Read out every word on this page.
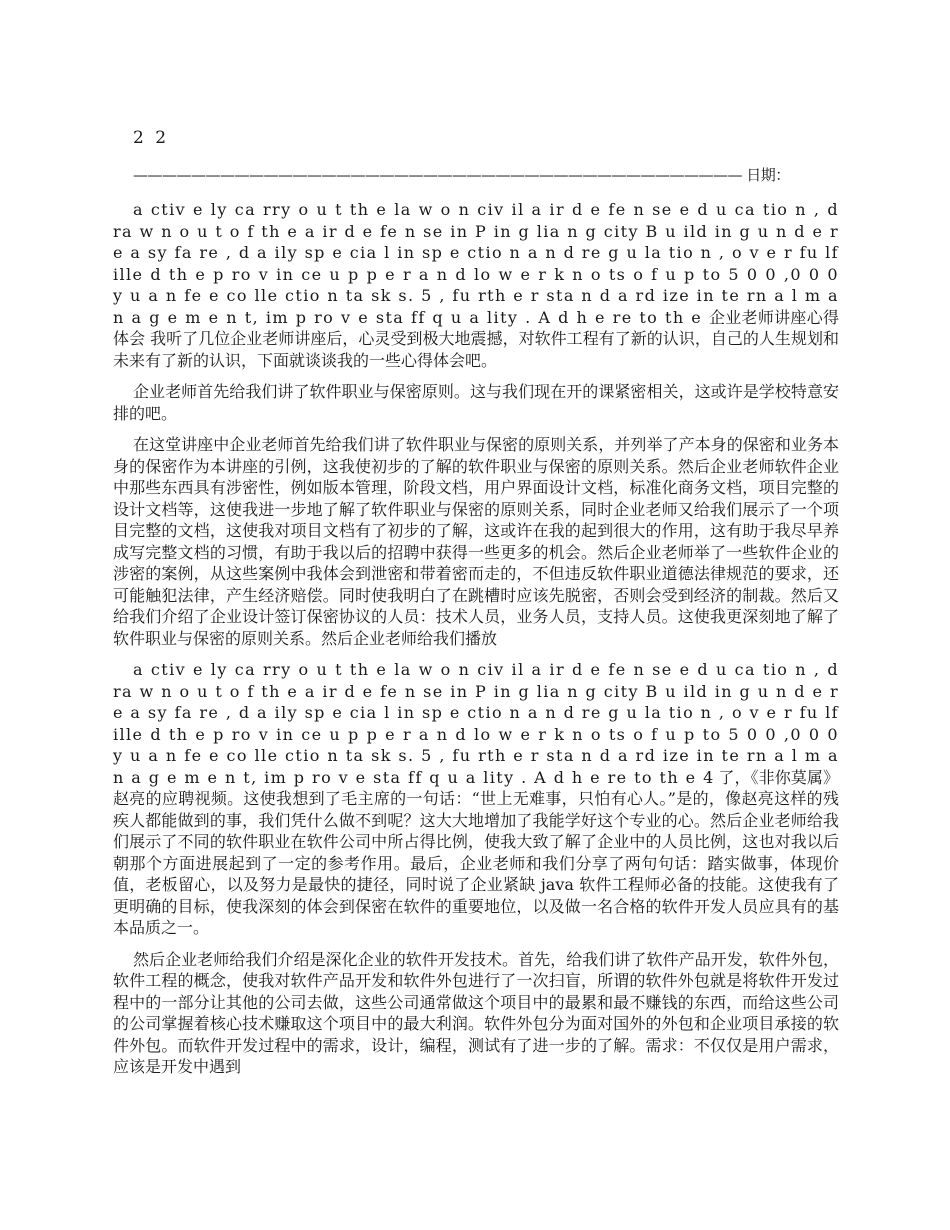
2 2
—————————————————————————————————————————— 日期：

a ctiv e ly ca rry o u t th e la w o n civ il a ir d e fe n se e d u ca tio n , d ra w n o u t o f th e a ir d e fe n se in P in g lia n g city B u ild in g u n d e r e a sy fa re , d a ily sp e cia l in sp e ctio n a n d re g u la tio n , o v e r fu lfille d th e p ro v in ce u p p e r a n d lo w e r k n o ts o f u p to 5 0 0 ,0 0 0 y u a n fe e co lle ctio n ta sk s. 5 , fu rth e r sta n d a rd ize in te rn a l m a n a g e m e n t, im p ro v e sta ff q u a lity . A d h e re to th e 企业老师讲座心得体会 我听了几位企业老师讲座后，心灵受到极大地震撼，对软件工程有了新的认识，自己的人生规划和未来有了新的认识，下面就谈谈我的一些心得体会吧。

企业老师首先给我们讲了软件职业与保密原则。这与我们现在开的课紧密相关，这或许是学校特意安排的吧。

在这堂讲座中企业老师首先给我们讲了软件职业与保密的原则关系，并列举了产本身的保密和业务本身的保密作为本讲座的引例，这我使初步的了解的软件职业与保密的原则关系。然后企业老师软件企业中那些东西具有涉密性，例如版本管理，阶段文档，用户界面设计文档，标准化商务文档，项目完整的设计文档等，这使我进一步地了解了软件职业与保密的原则关系，同时企业老师又给我们展示了一个项目完整的文档，这使我对项目文档有了初步的了解，这或许在我的起到很大的作用，这有助于我尽早养成写完整文档的习惯，有助于我以后的招聘中获得一些更多的机会。然后企业老师举了一些软件企业的涉密的案例，从这些案例中我体会到泄密和带着密而走的，不但违反软件职业道德法律规范的要求，还可能触犯法律，产生经济赔偿。同时使我明白了在跳槽时应该先脱密，否则会受到经济的制裁。然后又给我们介绍了企业设计签订保密协议的人员：技术人员，业务人员，支持人员。这使我更深刻地了解了软件职业与保密的原则关系。然后企业老师给我们播放

a ctiv e ly ca rry o u t th e la w o n civ il a ir d e fe n se e d u ca tio n , d ra w n o u t o f th e a ir d e fe n se in P in g lia n g city B u ild in g u n d e r e a sy fa re , d a ily sp e cia l in sp e ctio n a n d re g u la tio n , o v e r fu lfille d th e p ro v in ce u p p e r a n d lo w e r k n o ts o f u p to 5 0 0 ,0 0 0 y u a n fe e co lle ctio n ta sk s. 5 , fu rth e r sta n d a rd ize in te rn a l m a n a g e m e n t, im p ro v e sta ff q u a lity . A d h e re to th e 4 了，《非你莫属》赵亮的应聘视频。这使我想到了毛主席的一句话：“世上无难事，只怕有心人。”是的，像赵亮这样的残疾人都能做到的事，我们凭什么做不到呢？这大大地增加了我能学好这个专业的心。然后企业老师给我们展示了不同的软件职业在软件公司中所占得比例，使我大致了解了企业中的人员比例，这也对我以后朝那个方面进展起到了一定的参考作用。最后，企业老师和我们分享了两句句话：踏实做事，体现价值，老板留心，以及努力是最快的捷径，同时说了企业紧缺 java 软件工程师必备的技能。这使我有了更明确的目标，使我深刻的体会到保密在软件的重要地位，以及做一名合格的软件开发人员应具有的基本品质之一。

然后企业老师给我们介绍是深化企业的软件开发技术。首先，给我们讲了软件产品开发，软件外包，软件工程的概念，使我对软件产品开发和软件外包进行了一次扫盲，所谓的软件外包就是将软件开发过程中的一部分让其他的公司去做，这些公司通常做这个项目中的最累和最不赚钱的东西，而给这些公司的公司掌握着核心技术赚取这个项目中的最大利润。软件外包分为面对国外的外包和企业项目承接的软件外包。而软件开发过程中的需求，设计，编程，测试有了进一步的了解。需求：不仅仅是用户需求，应该是开发中遇到
